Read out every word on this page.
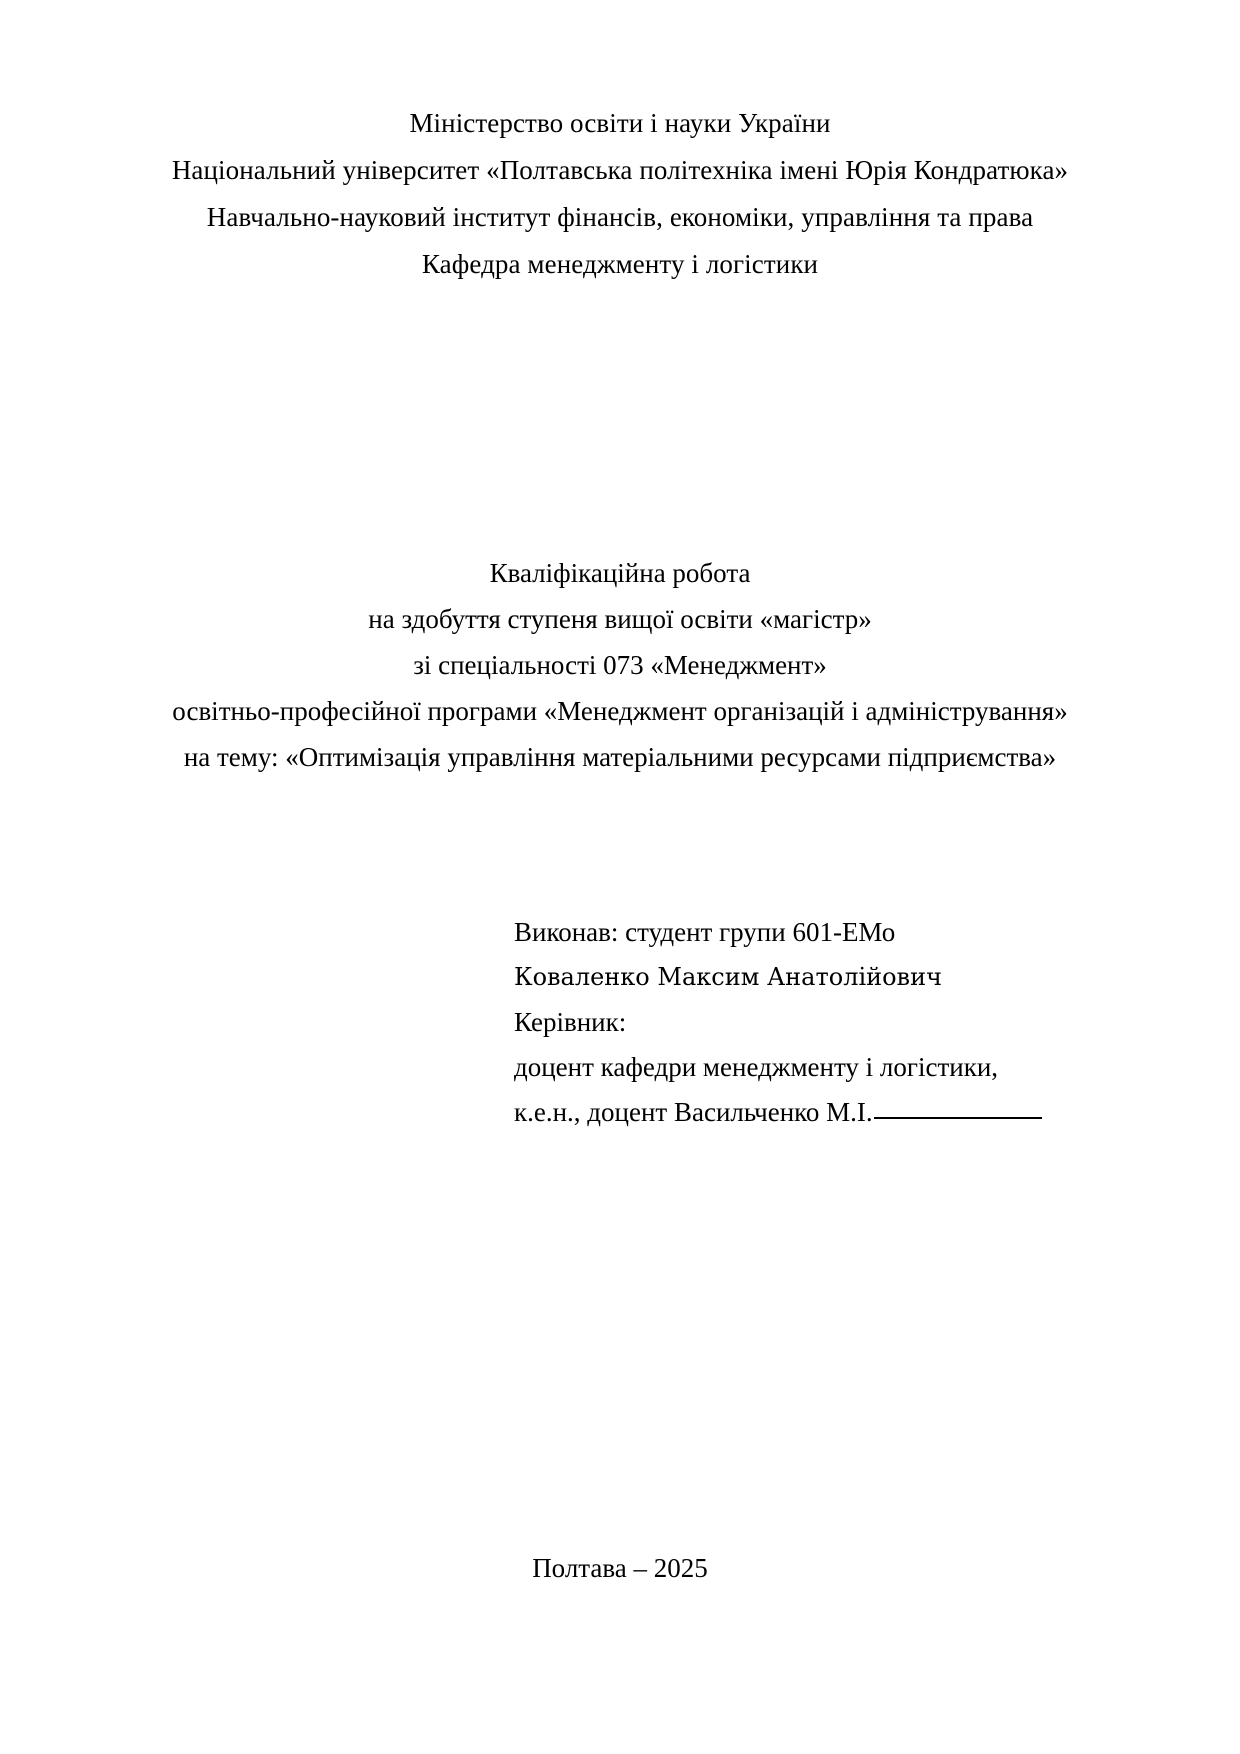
Міністерство освіти і науки України
Національний університет «Полтавська політехніка імені Юрія Кондратюка»
Навчально-науковий інститут фінансів, економіки, управління та права
Кафедра менеджменту і логістики
Кваліфікаційна робота
на здобуття ступеня вищої освіти «магістр»
зі спеціальності 073 «Менеджмент»
освітньо-професійної програми «Менеджмент організацій і адміністрування»
на тему: «Оптимізація управління матеріальними ресурсами підприємства»
Виконав: студент групи 601-ЕМо
Коваленко Максим Анатолійович
Керівник:
доцент кафедри менеджменту і логістики,
к.е.н., доцент Васильченко М.І.
Полтава – 2025
